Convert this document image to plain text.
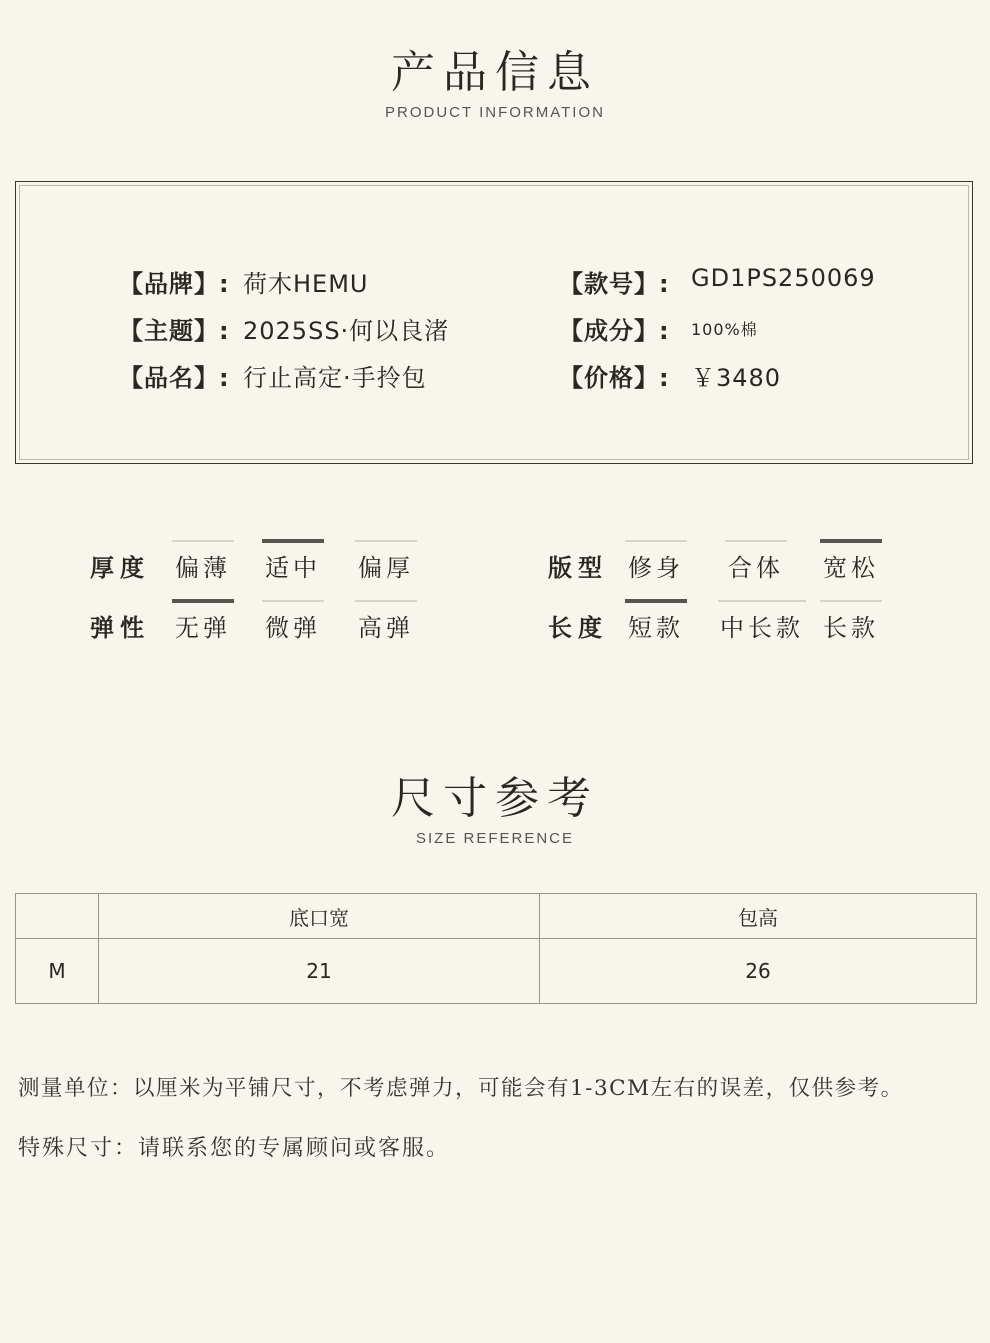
产品信息
PRODUCT INFORMATION
【品牌】: 荷木HEMU
【主题】: 2025SS·何以良渚
【品名】: 行止高定·手拎包
【款号】: GD1PS250069
【成分】: 100%棉
【价格】: ￥3480
厚度 偏薄 适中 偏厚
弹性 无弹 微弹 高弹
版型 修身 合体 宽松
长度 短款 中长款 长款
尺寸参考
SIZE REFERENCE
	底口宽	包高
M	21	26
测量单位：以厘米为平铺尺寸，不考虑弹力，可能会有1-3CM左右的误差，仅供参考。
特殊尺寸：请联系您的专属顾问或客服。
